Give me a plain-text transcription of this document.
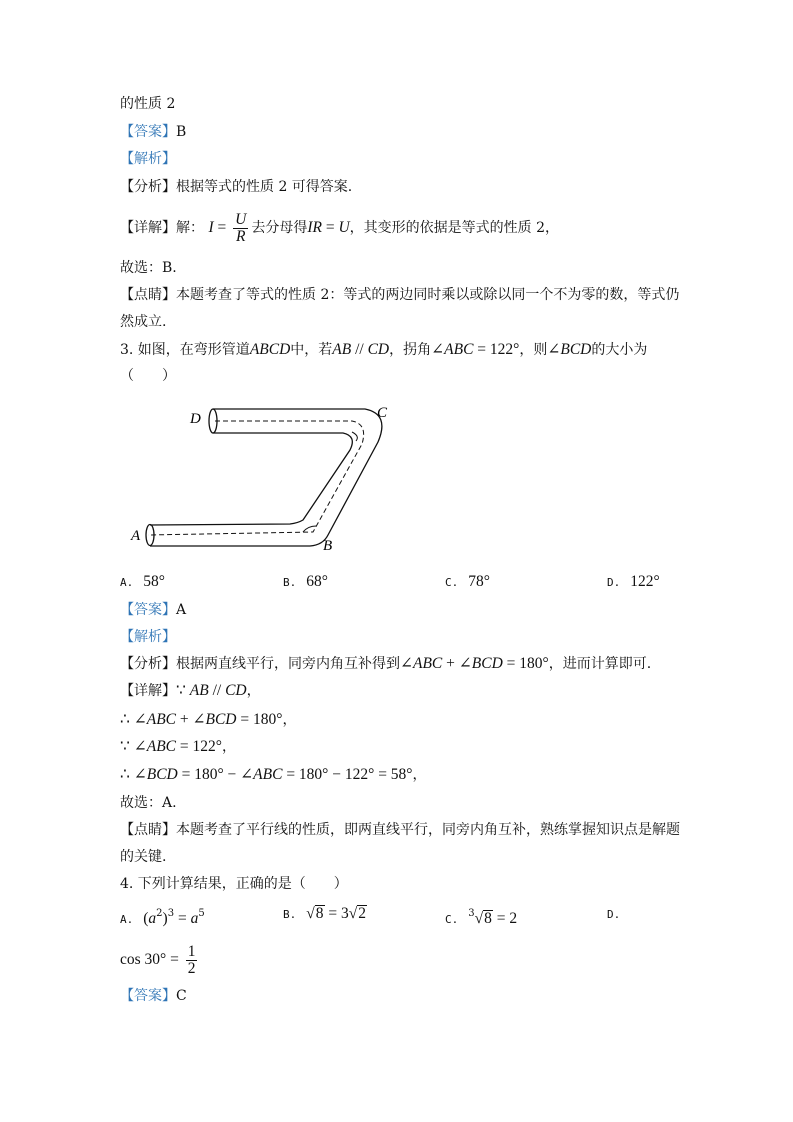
的性质 2
【答案】B
【解析】
【分析】根据等式的性质 2 可得答案.
【详解】解： $I = \frac{U}{R}$ 去分母得IR = U，其变形的依据是等式的性质 2，
故选：B.
【点睛】本题考查了等式的性质 2：等式的两边同时乘以或除以同一个不为零的数，等式仍
然成立.
3. 如图，在弯形管道ABCD中，若AB // CD，拐角∠ABC = 122°，则∠BCD的大小为
（　　）
D	C
A
B
A. 58°	B. 68°	C. 78°	D. 122°
【答案】A
【解析】
【分析】根据两直线平行，同旁内角互补得到∠ABC + ∠BCD = 180°，进而计算即可.
【详解】∵ AB // CD，
∴ ∠ABC + ∠BCD = 180°，
∵ ∠ABC = 122°，
∴ ∠BCD = 180° − ∠ABC = 180° − 122° = 58°，
故选：A.
【点睛】本题考查了平行线的性质，即两直线平行，同旁内角互补，熟练掌握知识点是解题
的关键.
4. 下列计算结果，正确的是（　　）
A. $(a^2)^3 = a^5$	B. √8 = 3√2	C. $^3$√8 = 2	D.
$\cos 30^\circ = \frac{1}{2}$
【答案】C
